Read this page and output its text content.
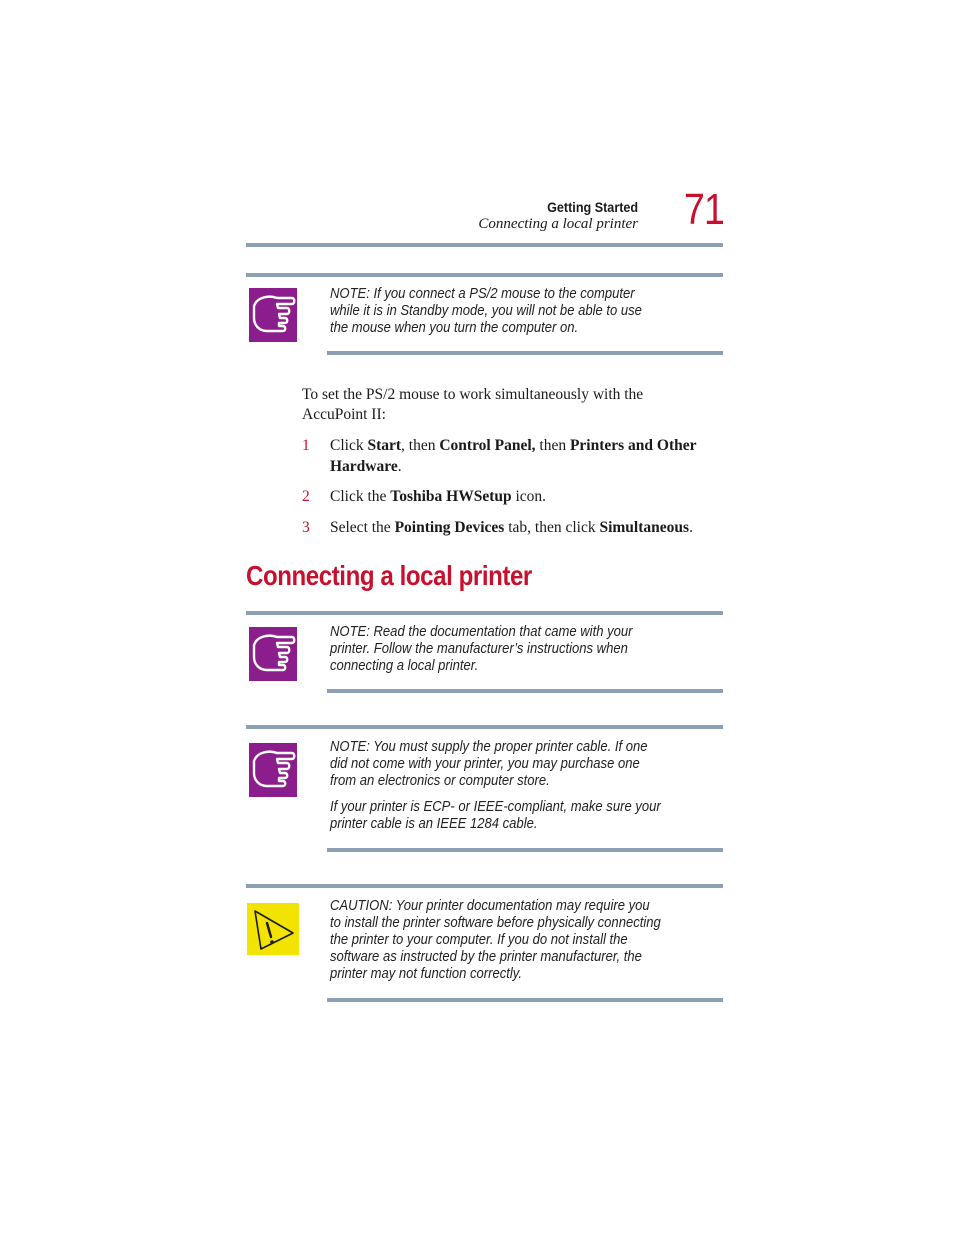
Getting Started
Connecting a local printer 71

NOTE: If you connect a PS/2 mouse to the computer while it is in Standby mode, you will not be able to use the mouse when you turn the computer on.

To set the PS/2 mouse to work simultaneously with the AccuPoint II:
1 Click Start, then Control Panel, then Printers and Other Hardware.
2 Click the Toshiba HWSetup icon.
3 Select the Pointing Devices tab, then click Simultaneous.
Connecting a local printer

NOTE: Read the documentation that came with your printer. Follow the manufacturer’s instructions when connecting a local printer.

NOTE: You must supply the proper printer cable. If one did not come with your printer, you may purchase one from an electronics or computer store.

If your printer is ECP- or IEEE-compliant, make sure your printer cable is an IEEE 1284 cable.

CAUTION: Your printer documentation may require you to install the printer software before physically connecting the printer to your computer. If you do not install the software as instructed by the printer manufacturer, the printer may not function correctly.
